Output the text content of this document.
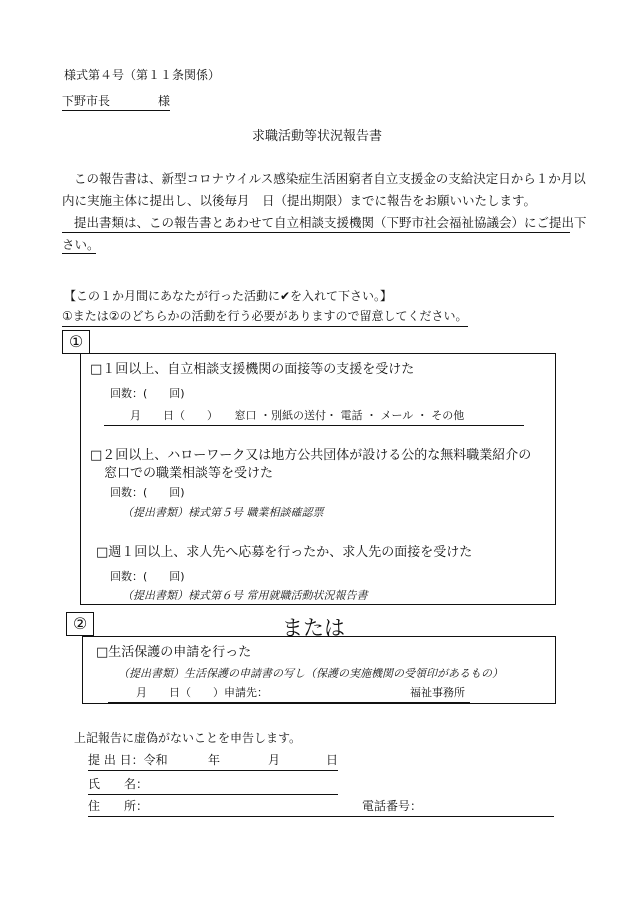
様式第４号（第１１条関係）
下野市長	様
求職活動等状況報告書
この報告書は、新型コロナウイルス感染症生活困窮者自立支援金の支給決定日から１か月以
内に実施主体に提出し、以後毎月　日（提出期限）までに報告をお願いいたします。
提出書類は、この報告書とあわせて自立相談支援機関（下野市社会福祉協議会）にご提出下
さい。
【この１か月間にあなたが行った活動に✔を入れて下さい。】
①または②のどちらかの活動を行う必要がありますので留意してください。
①
□１回以上、自立相談支援機関の面接等の支援を受けた
回数：(　　回)
月　　日（　　）　　窓口 ・別紙の送付・ 電話 ・ メール ・ その他
□２回以上、ハローワーク又は地方公共団体が設ける公的な無料職業紹介の
窓口での職業相談等を受けた
回数：(　　回)
（提出書類）様式第５号 職業相談確認票
□週１回以上、求人先へ応募を行ったか、求人先の面接を受けた
回数：(　　回)
（提出書類）様式第６号 常用就職活動状況報告書
または
②
□生活保護の申請を行った
（提出書類）生活保護の申請書の写し（保護の実施機関の受領印があるもの）
月　　日（　　）申請先：	福祉事務所
上記報告に虚偽がないことを申告します。
提 出 日：令和	年	月	日
氏　　名：
住　　所：	電話番号：
